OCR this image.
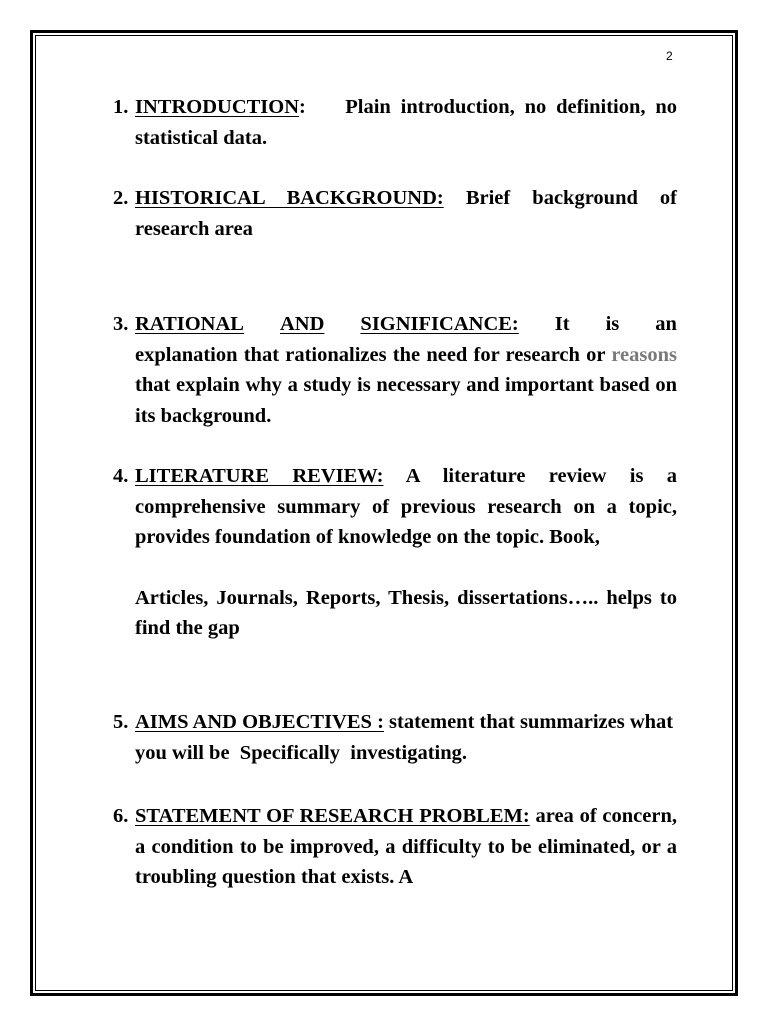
2
1. INTRODUCTION: Plain introduction, no definition, no statistical data.
2. HISTORICAL BACKGROUND: Brief background of research area
3. RATIONAL AND SIGNIFICANCE: It is an
explanation that rationalizes the need for research or reasons that explain why a study is necessary and important based on its background.
4. LITERATURE REVIEW: A literature review is a comprehensive summary of previous research on a topic, provides foundation of knowledge on the topic. Book,
Articles, Journals, Reports, Thesis, dissertations….. helps to find the gap
5. AIMS AND OBJECTIVES : statement that summarizes what you will be  Specifically  investigating.
6. STATEMENT OF RESEARCH PROBLEM: area of concern, a condition to be improved, a difficulty to be eliminated, or a troubling question that exists. A
